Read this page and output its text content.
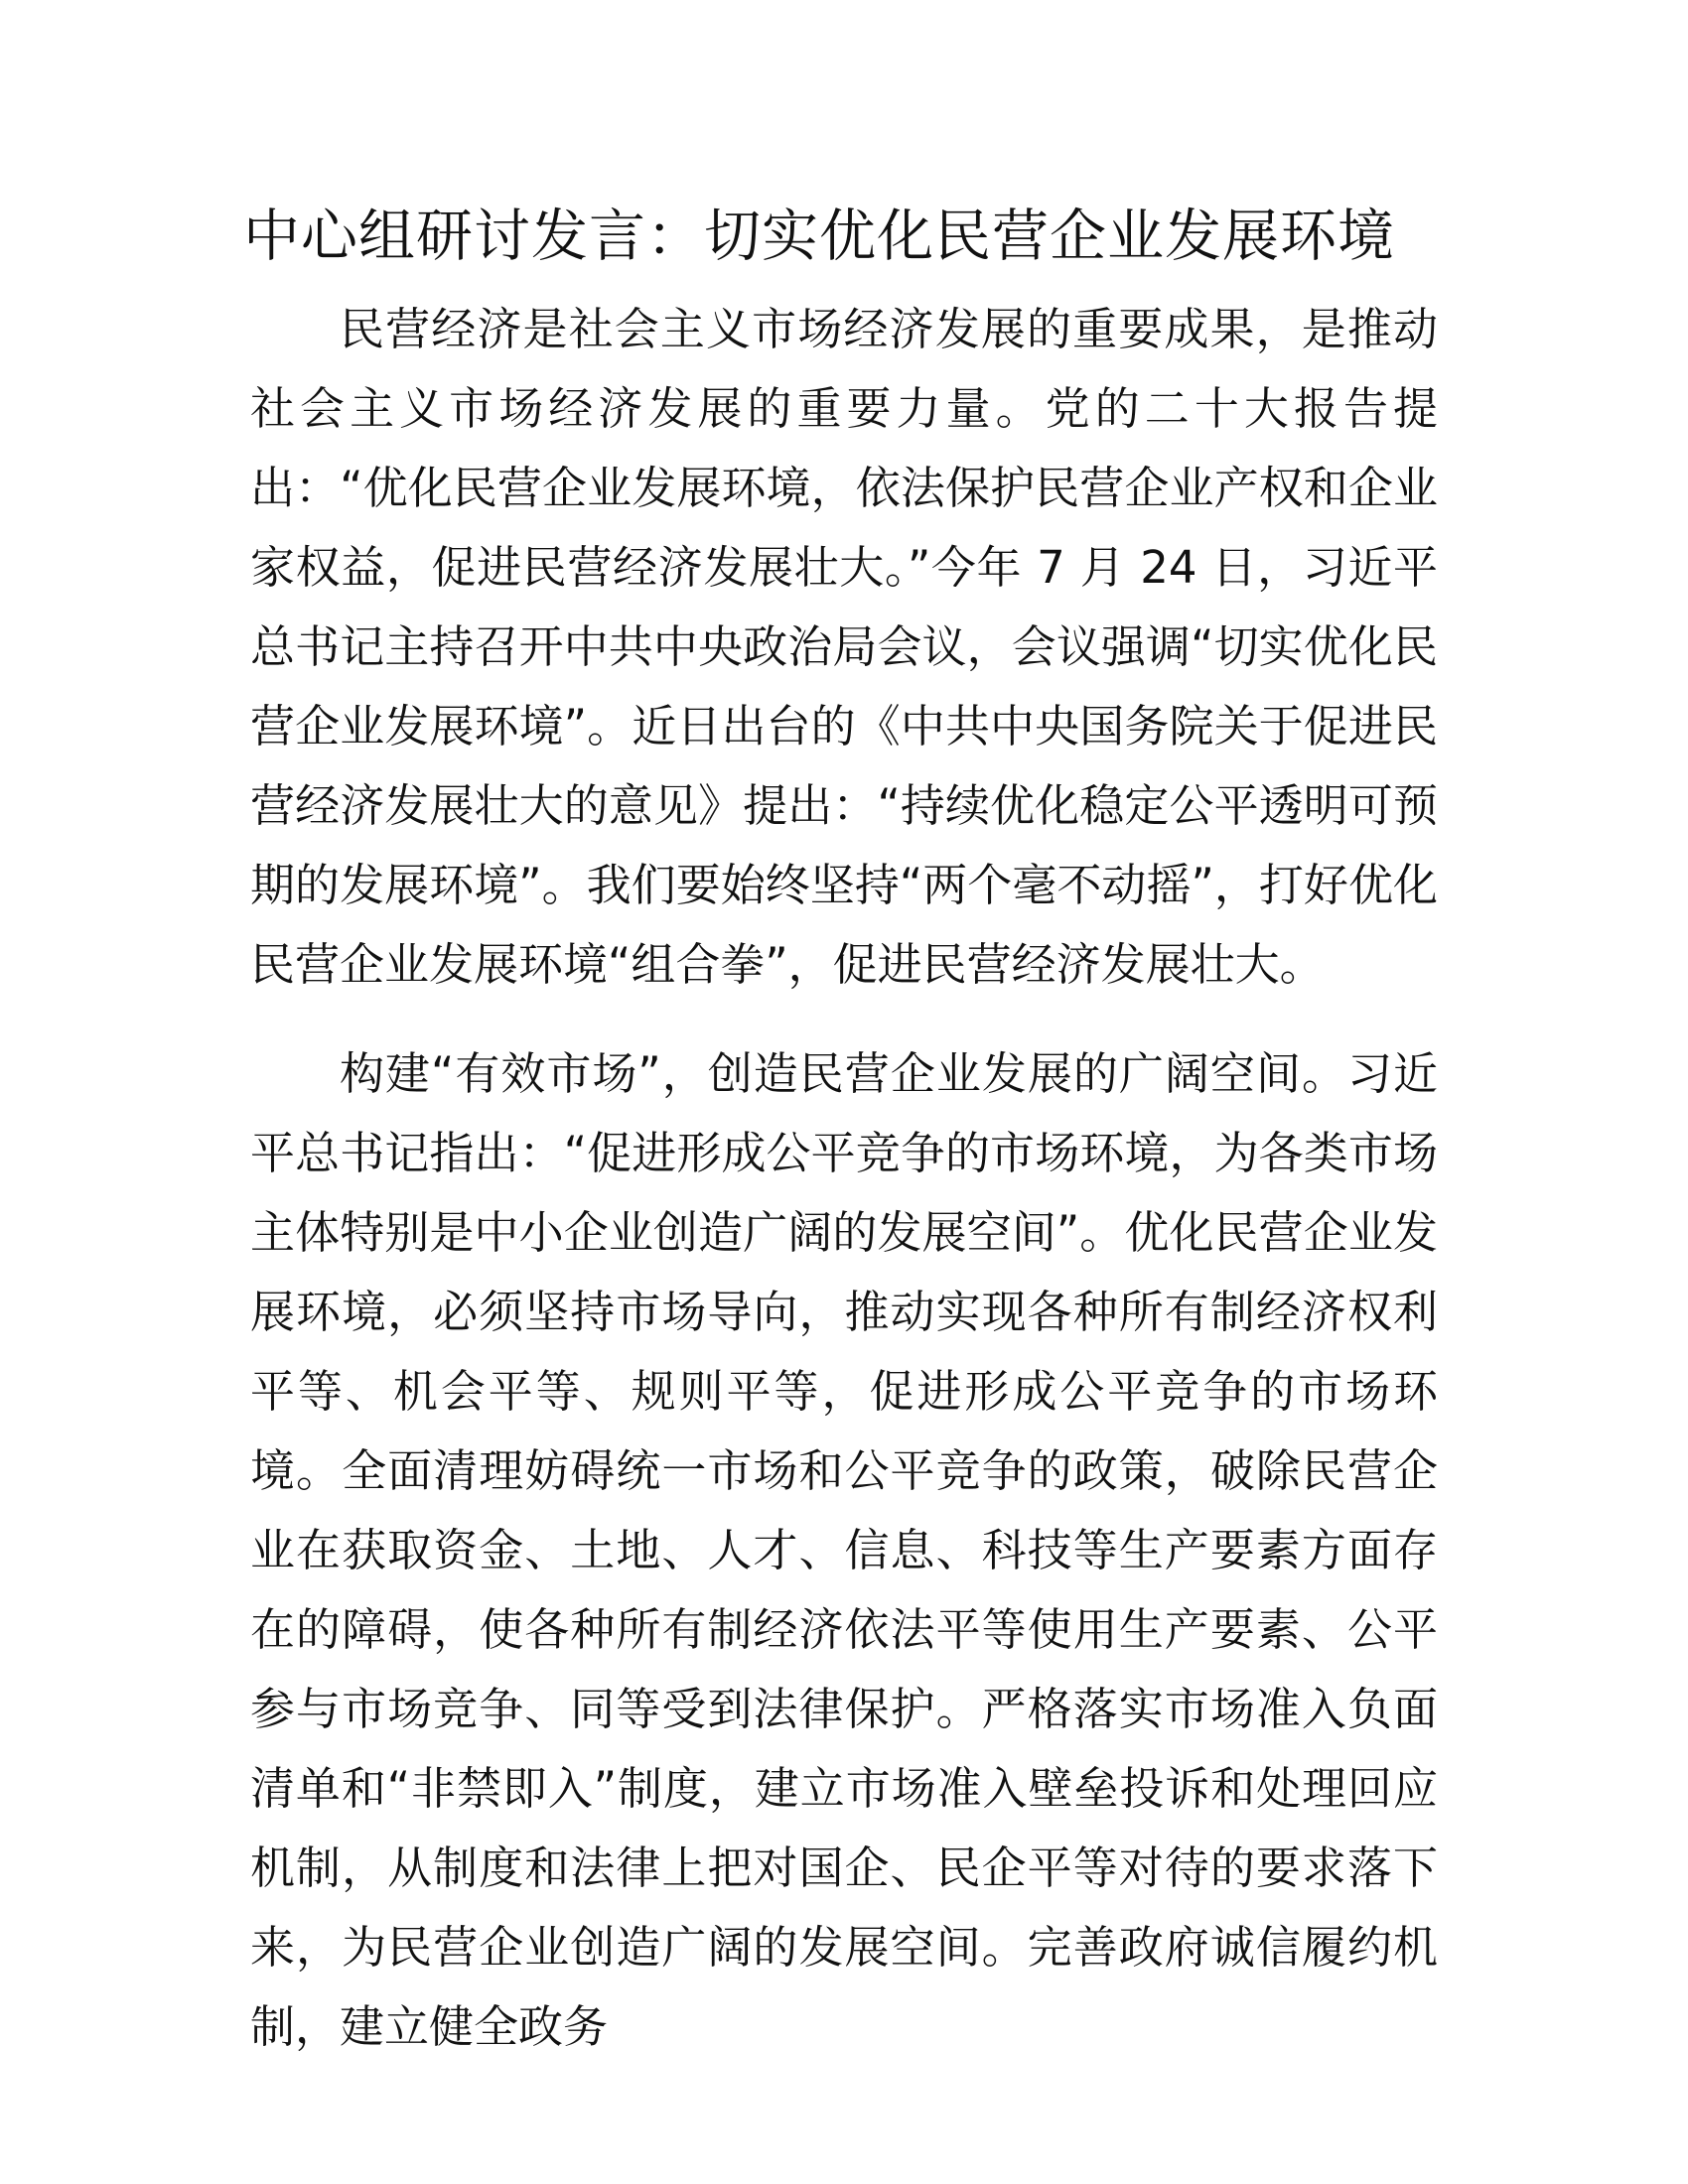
中心组研讨发言：切实优化民营企业发展环境

民营经济是社会主义市场经济发展的重要成果，是推动社会主义市场经济发展的重要力量。党的二十大报告提出：“优化民营企业发展环境，依法保护民营企业产权和企业家权益，促进民营经济发展壮大。”今年 7 月 24 日，习近平总书记主持召开中共中央政治局会议，会议强调“切实优化民营企业发展环境”。近日出台的《中共中央国务院关于促进民营经济发展壮大的意见》提出：“持续优化稳定公平透明可预期的发展环境”。我们要始终坚持“两个毫不动摇”，打好优化民营企业发展环境“组合拳”，促进民营经济发展壮大。

构建“有效市场”，创造民营企业发展的广阔空间。习近平总书记指出：“促进形成公平竞争的市场环境，为各类市场主体特别是中小企业创造广阔的发展空间”。优化民营企业发展环境，必须坚持市场导向，推动实现各种所有制经济权利平等、机会平等、规则平等，促进形成公平竞争的市场环境。全面清理妨碍统一市场和公平竞争的政策，破除民营企业在获取资金、土地、人才、信息、科技等生产要素方面存在的障碍，使各种所有制经济依法平等使用生产要素、公平参与市场竞争、同等受到法律保护。严格落实市场准入负面清单和“非禁即入”制度，建立市场准入壁垒投诉和处理回应机制，从制度和法律上把对国企、民企平等对待的要求落下来，为民营企业创造广阔的发展空间。完善政府诚信履约机制，建立健全政务
